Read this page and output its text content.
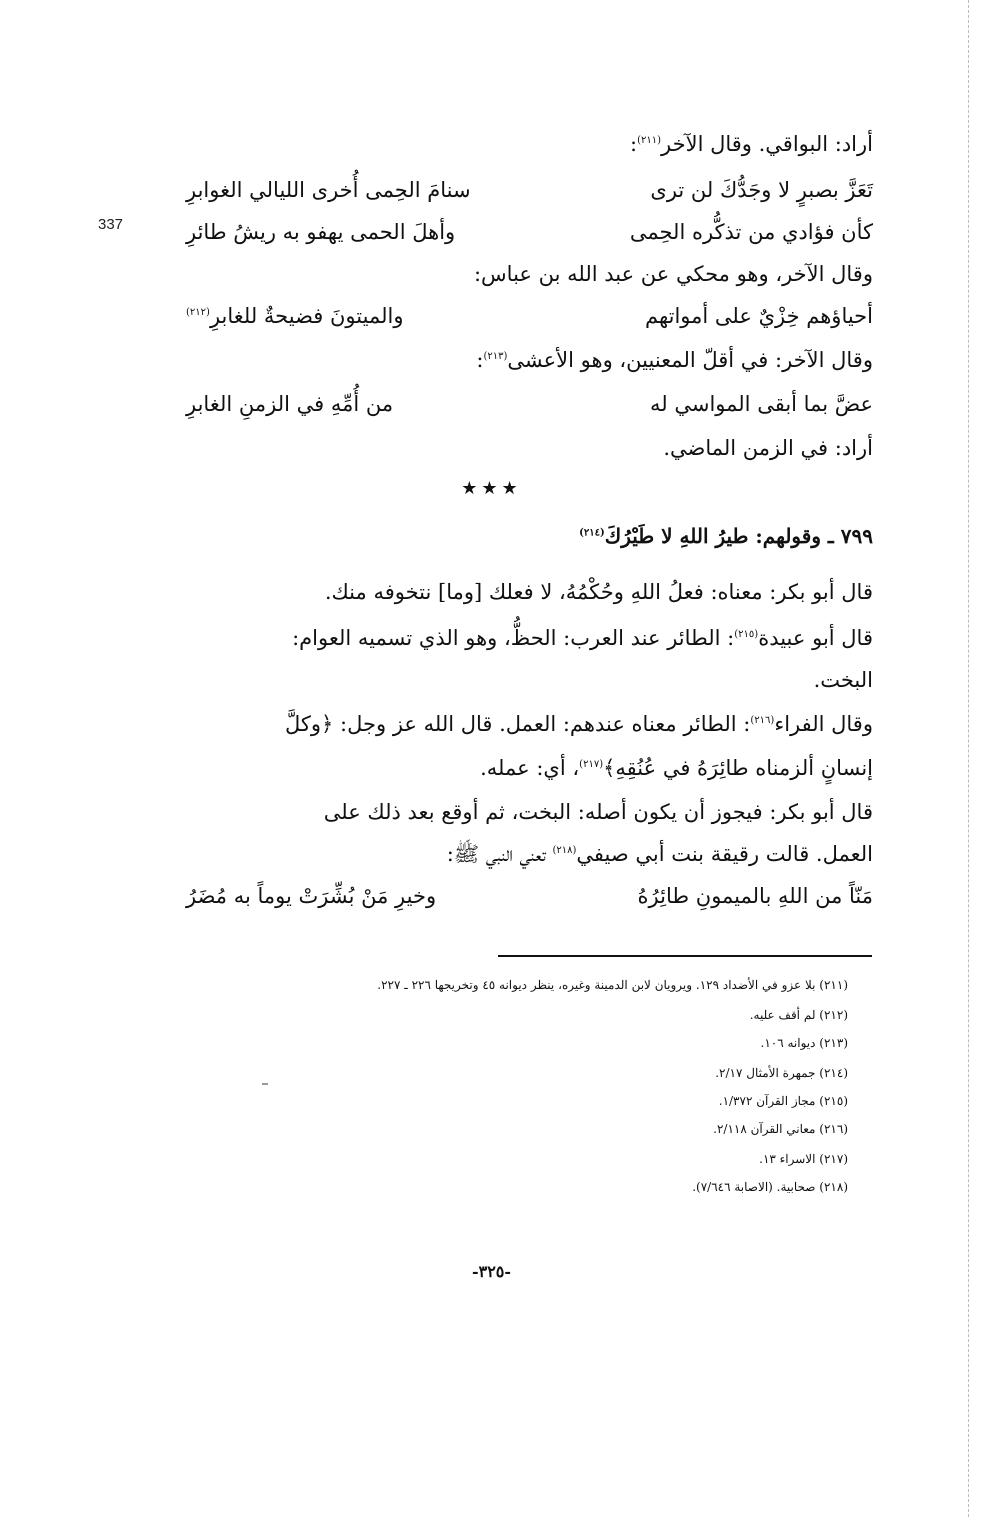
337
أراد: البواقي. وقال الآخر$^{(٢١١)}$:
تَعَزَّ بصبرٍ لا وجَدُّكَ لن ترى
سنامَ الحِمى أُخرى الليالي الغوابرِ
كأن فؤادي من تذكُّره الحِمى
وأهلَ الحمى يهفو به ريشُ طائرِ
وقال الآخر، وهو محكي عن عبد الله بن عباس:
أحياؤهم خِزْيٌ على أمواتهم
والميتونَ فضيحةٌ للغابرِ$^{(٢١٢)}$
وقال الآخر: في أقلّ المعنيين، وهو الأعشى$^{(٢١٣)}$:
عضَّ بما أبقى المواسي له
من أُمِّهِ في الزمنِ الغابرِ
أراد: في الزمن الماضي.
★★★
٧٩٩ ـ وقولهم: طيرُ اللهِ لا طَيْرُكَ$^{(٢١٤)}$
قال أبو بكر: معناه: فعلُ اللهِ وحُكْمُهُ، لا فعلك [وما] نتخوفه منك.
قال أبو عبيدة$^{(٢١٥)}$: الطائر عند العرب: الحظُّ، وهو الذي تسميه العوام:
البخت.
وقال الفراء$^{(٢١٦)}$: الطائر معناه عندهم: العمل. قال الله عز وجل: ﴿وكلَّ
إنسانٍ ألزمناه طائِرَهُ في عُنُقِهِ﴾$^{(٢١٧)}$، أي: عمله.
قال أبو بكر: فيجوز أن يكون أصله: البخت، ثم أوقع بعد ذلك على
العمل. قالت رقيقة بنت أبي صيفي$^{(٢١٨)}$ تعني النبي ﷺ:
مَنّاً من اللهِ بالميمونِ طائِرُهُ
وخيرِ مَنْ بُشِّرَتْ يوماً به مُضَرُ
(٢١١) بلا عزو في الأضداد ١٢٩. ويرويان لابن الدمينة وغيره، ينظر ديوانه ٤٥ وتخريجها ٢٢٦ ـ ٢٢٧.
(٢١٢) لم أقف عليه.
(٢١٣) ديوانه ١٠٦.
(٢١٤) جمهرة الأمثال ٢/١٧.
(٢١٥) مجاز القرآن ١/٣٧٢.
(٢١٦) معاني القرآن ٢/١١٨.
(٢١٧) الاسراء ١٣.
(٢١٨) صحابية. (الاصابة ٧/٦٤٦).
-٣٢٥-
